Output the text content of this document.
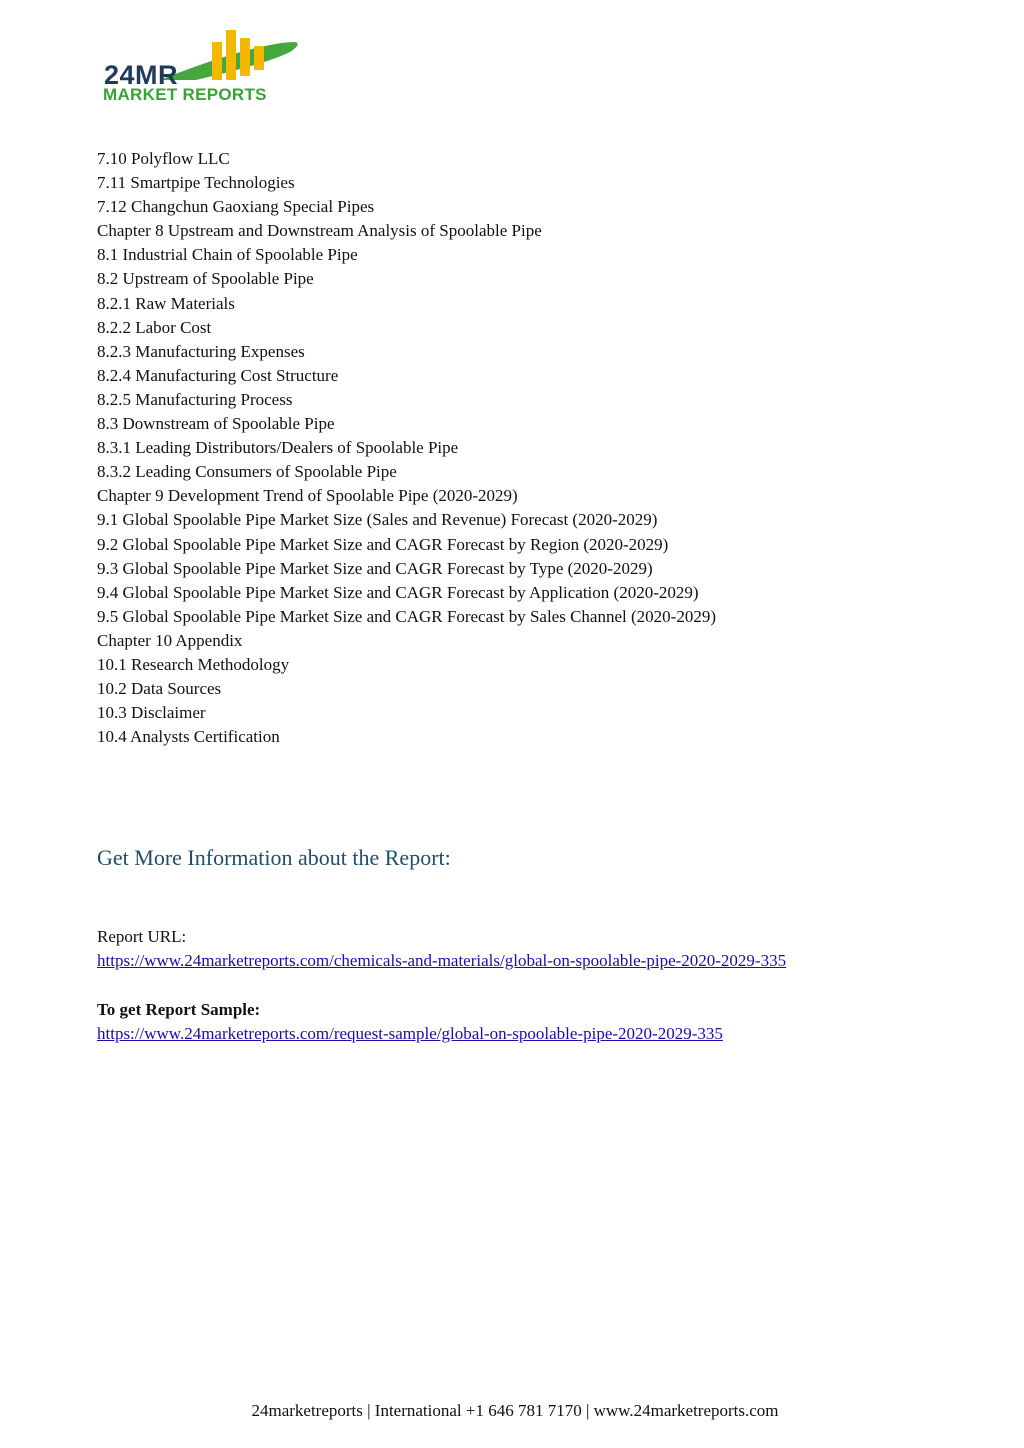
24MR
MARKET REPORTS
7.10 Polyflow LLC
7.11 Smartpipe Technologies
7.12 Changchun Gaoxiang Special Pipes
Chapter 8 Upstream and Downstream Analysis of Spoolable Pipe
8.1 Industrial Chain of Spoolable Pipe
8.2 Upstream of Spoolable Pipe
8.2.1 Raw Materials
8.2.2 Labor Cost
8.2.3 Manufacturing Expenses
8.2.4 Manufacturing Cost Structure
8.2.5 Manufacturing Process
8.3 Downstream of Spoolable Pipe
8.3.1 Leading Distributors/Dealers of Spoolable Pipe
8.3.2 Leading Consumers of Spoolable Pipe
Chapter 9 Development Trend of Spoolable Pipe (2020-2029)
9.1 Global Spoolable Pipe Market Size (Sales and Revenue) Forecast (2020-2029)
9.2 Global Spoolable Pipe Market Size and CAGR Forecast by Region (2020-2029)
9.3 Global Spoolable Pipe Market Size and CAGR Forecast by Type (2020-2029)
9.4 Global Spoolable Pipe Market Size and CAGR Forecast by Application (2020-2029)
9.5 Global Spoolable Pipe Market Size and CAGR Forecast by Sales Channel (2020-2029)
Chapter 10 Appendix
10.1 Research Methodology
10.2 Data Sources
10.3 Disclaimer
10.4 Analysts Certification
Get More Information about the Report:
Report URL:
https://www.24marketreports.com/chemicals-and-materials/global-on-spoolable-pipe-2020-2029-335
To get Report Sample:
https://www.24marketreports.com/request-sample/global-on-spoolable-pipe-2020-2029-335
24marketreports | International +1 646 781 7170 | www.24marketreports.com
